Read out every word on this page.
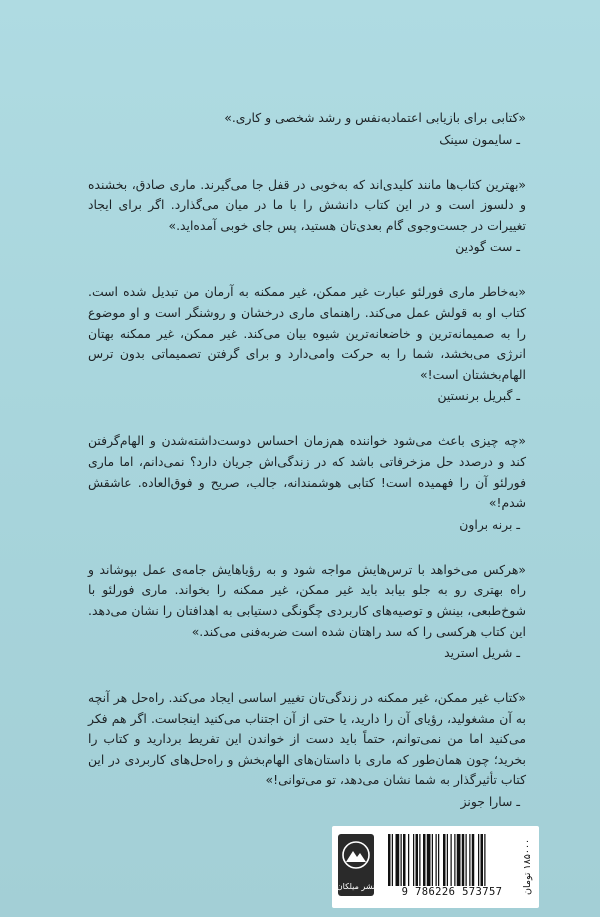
«کتابی برای بازیابی اعتمادبه‌نفس و رشد شخصی و کاری.»

ـ سایمون سینک

«بهترین کتاب‌ها مانند کلیدی‌اند که به‌خوبی در قفل جا می‌گیرند. ماری صادق، بخشنده و دلسوز است و در این کتاب دانشش را با ما در میان می‌گذارد. اگر برای ایجاد تغییرات در جست‌وجوی گام بعدی‌تان هستید، پس جای خوبی آمده‌اید.»

ـ ست گودین

«به‌خاطر ماری فورلئو عبارت غیر ممکن، غیر ممکنه به آرمان من تبدیل شده است. کتاب او به قولش عمل می‌کند. راهنمای ماری درخشان و روشنگر است و او موضوع را به صمیمانه‌ترین و خاضعانه‌ترین شیوه بیان می‌کند. غیر ممکن، غیر ممکنه بهتان انرژی می‌بخشد، شما را به حرکت وامی‌دارد و برای گرفتن تصمیماتی بدون ترس الهام‌بخشتان است!»

ـ گبریل برنستین

«چه چیزی باعث می‌شود خواننده هم‌زمان احساس دوست‌داشته‌شدن و الهام‌گرفتن کند و درصدد حل مزخرفاتی باشد که در زندگی‌اش جریان دارد؟ نمی‌دانم، اما ماری فورلئو آن را فهمیده است! کتابی هوشمندانه، جالب، صریح و فوق‌العاده. عاشقش شدم!»

ـ برنه براون

«هرکس می‌خواهد با ترس‌هایش مواجه شود و به رؤیاهایش جامه‌ی عمل بپوشاند و راه بهتری رو به جلو بیابد باید غیر ممکن، غیر ممکنه را بخواند. ماری فورلئو با شوخ‌طبعی، بینش و توصیه‌های کاربردی چگونگی دستیابی به اهدافتان را نشان می‌دهد. این کتاب هرکسی را که سد راهتان شده است ضربه‌فنی می‌کند.»

ـ شریل استرید

«کتاب غیر ممکن، غیر ممکنه در زندگی‌تان تغییر اساسی ایجاد می‌کند. راه‌حل هر آنچه به آن مشغولید، رؤیای آن را دارید، یا حتی از آن اجتناب می‌کنید اینجاست. اگر هم فکر می‌کنید اما من نمی‌توانم، حتماً باید دست از خواندن این تفریط بردارید و کتاب را بخرید؛ چون همان‌طور که ماری با داستان‌های الهام‌بخش و راه‌حل‌های کاربردی در این کتاب تأثیرگذار به شما نشان می‌دهد، تو می‌توانی!»

ـ سارا جونز
نشر میلکان	9 786226 573757	۱۸۵۰۰۰ تومان
